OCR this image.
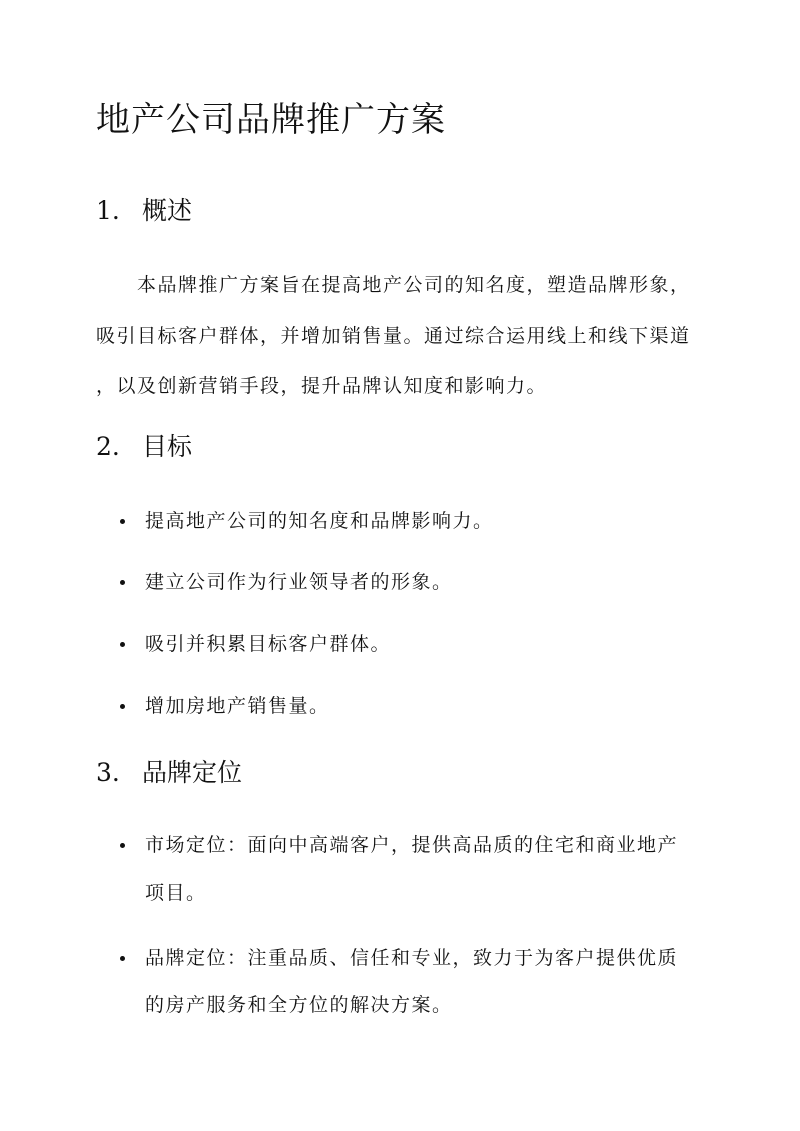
地产公司品牌推广方案
1. 概述
本品牌推广方案旨在提高地产公司的知名度，塑造品牌形象，
吸引目标客户群体，并增加销售量。通过综合运用线上和线下渠道
，以及创新营销手段，提升品牌认知度和影响力。
2. 目标
提高地产公司的知名度和品牌影响力。
建立公司作为行业领导者的形象。
吸引并积累目标客户群体。
增加房地产销售量。
3. 品牌定位
市场定位：面向中高端客户，提供高品质的住宅和商业地产
项目。
品牌定位：注重品质、信任和专业，致力于为客户提供优质
的房产服务和全方位的解决方案。
